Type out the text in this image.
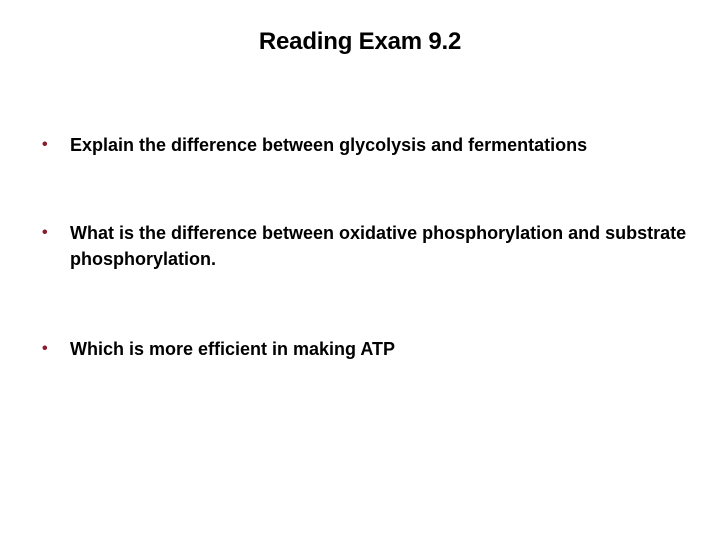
Reading Exam 9.2
•	Explain the difference between glycolysis and fermentations
•	What is the difference between oxidative phosphorylation and substrate phosphorylation.
•	Which is more efficient in making ATP
